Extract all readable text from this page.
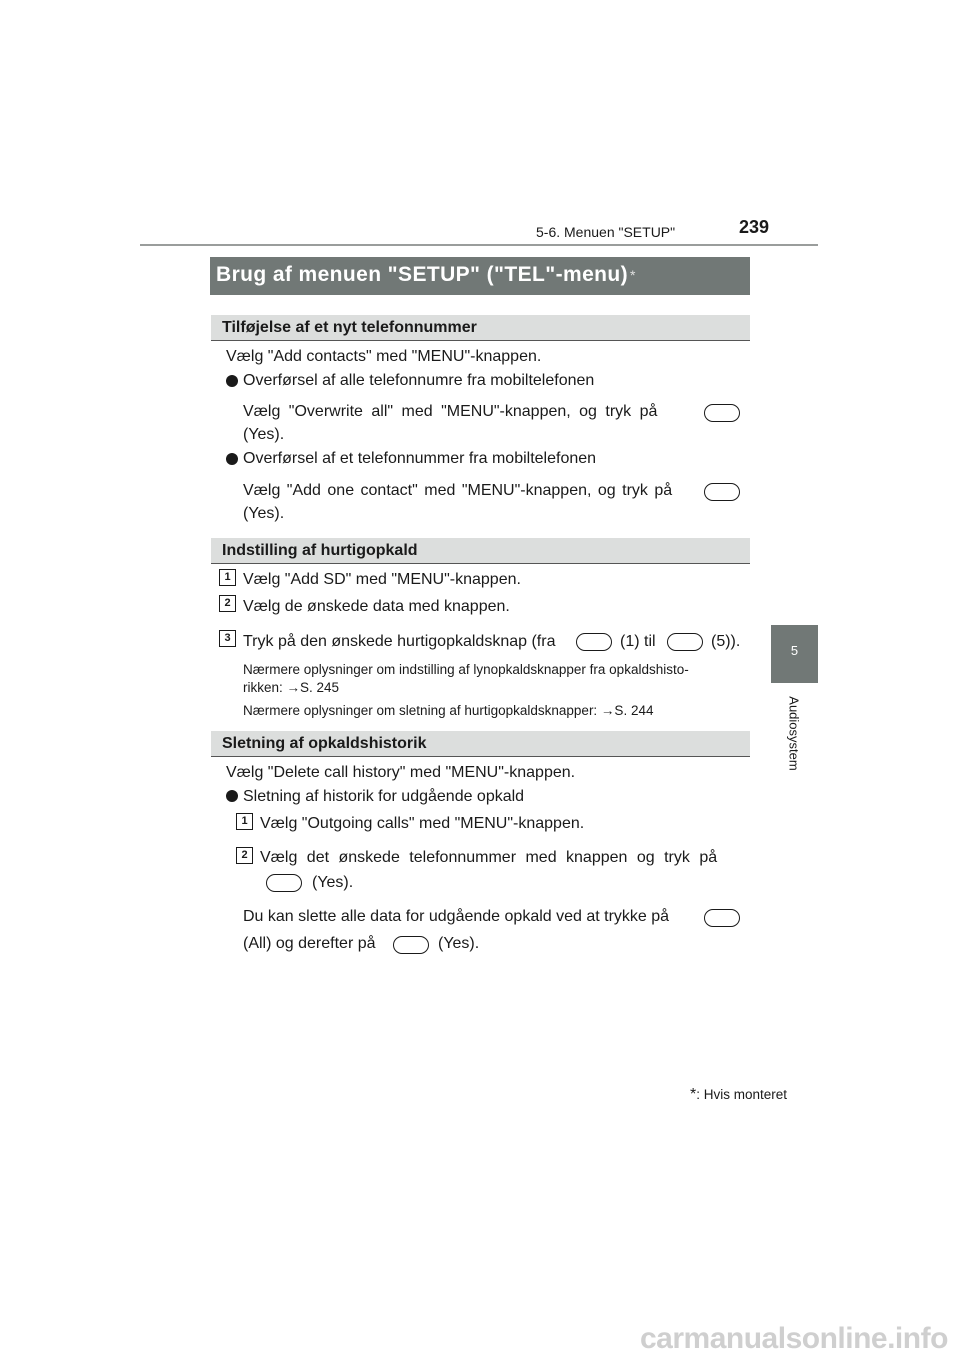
5-6. Menuen "SETUP"	239
5
Audiosystem
Brug af menuen "SETUP" ("TEL"-menu) *
Tilføjelse af et nyt telefonnummer
Vælg "Add contacts" med "MENU"-knappen.
Overførsel af alle telefonnumre fra mobiltelefonen
Vælg "Overwrite all" med "MENU"-knappen, og tryk på
(Yes).
Overførsel af et telefonnummer fra mobiltelefonen
Vælg "Add one contact" med "MENU"-knappen, og tryk på
(Yes).
Indstilling af hurtigopkald
1 Vælg "Add SD" med "MENU"-knappen.
2 Vælg de ønskede data med knappen.
3 Tryk på den ønskede hurtigopkaldsknap (fra	(1) til	(5)).
Nærmere oplysninger om indstilling af lynopkaldsknapper fra opkaldshisto-
rikken: →S. 245
Nærmere oplysninger om sletning af hurtigopkaldsknapper: →S. 244
Sletning af opkaldshistorik
Vælg "Delete call history" med "MENU"-knappen.
Sletning af historik for udgående opkald
1 Vælg "Outgoing calls" med "MENU"-knappen.
2 Vælg det ønskede telefonnummer med knappen og tryk på
(Yes).
Du kan slette alle data for udgående opkald ved at trykke på
(All) og derefter på	(Yes).
*: Hvis monteret
carmanualsonline.info
